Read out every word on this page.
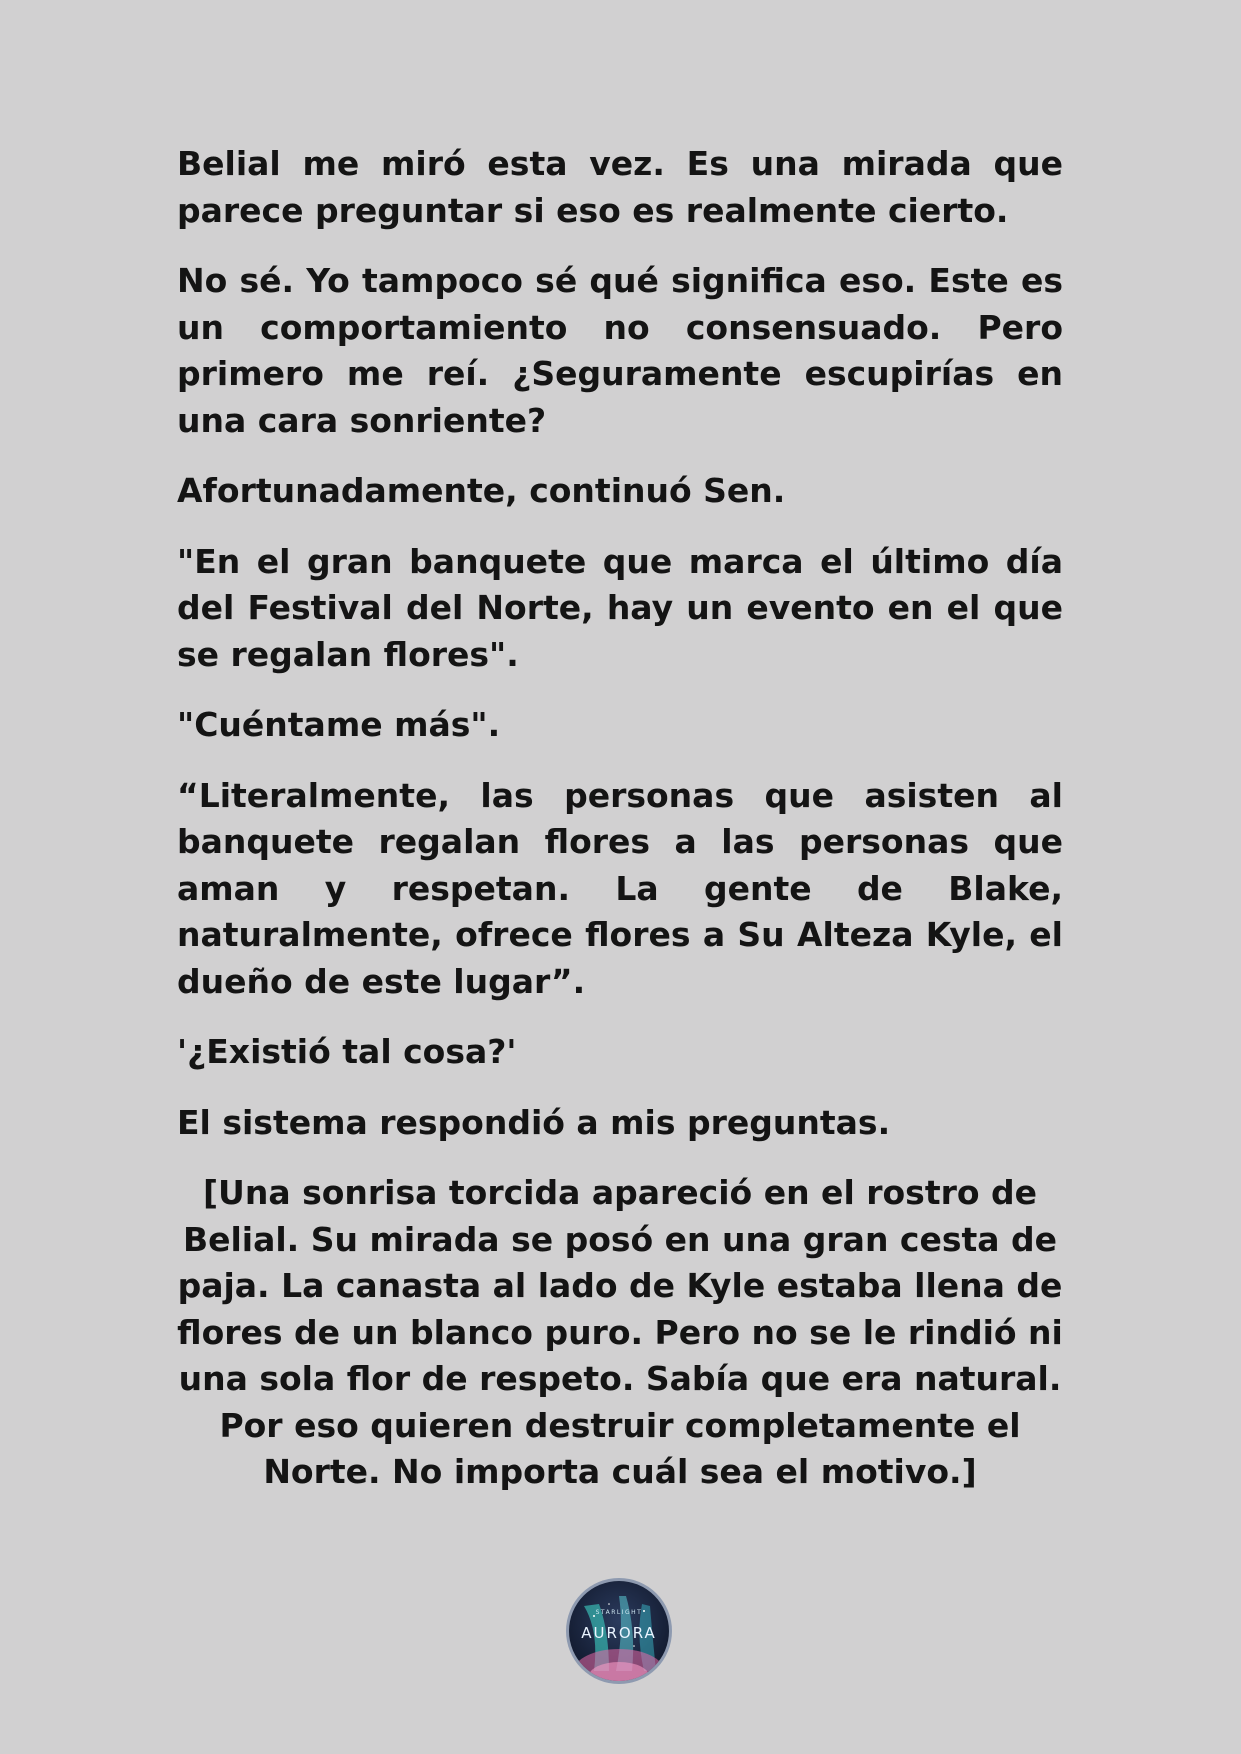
Belial me miró esta vez. Es una mirada que parece preguntar si eso es realmente cierto.

No sé. Yo tampoco sé qué significa eso. Este es un comportamiento no consensuado. Pero primero me reí. ¿Seguramente escupirías en una cara sonriente?

Afortunadamente, continuó Sen.

"En el gran banquete que marca el último día del Festival del Norte, hay un evento en el que se regalan flores".

"Cuéntame más".

“Literalmente, las personas que asisten al banquete regalan flores a las personas que aman y respetan. La gente de Blake, naturalmente, ofrece flores a Su Alteza Kyle, el dueño de este lugar”.

'¿Existió tal cosa?'

El sistema respondió a mis preguntas.

[Una sonrisa torcida apareció en el rostro de Belial. Su mirada se posó en una gran cesta de paja. La canasta al lado de Kyle estaba llena de flores de un blanco puro. Pero no se le rindió ni una sola flor de respeto. Sabía que era natural. Por eso quieren destruir completamente el Norte. No importa cuál sea el motivo.]

STARLIGHT
AURORA
